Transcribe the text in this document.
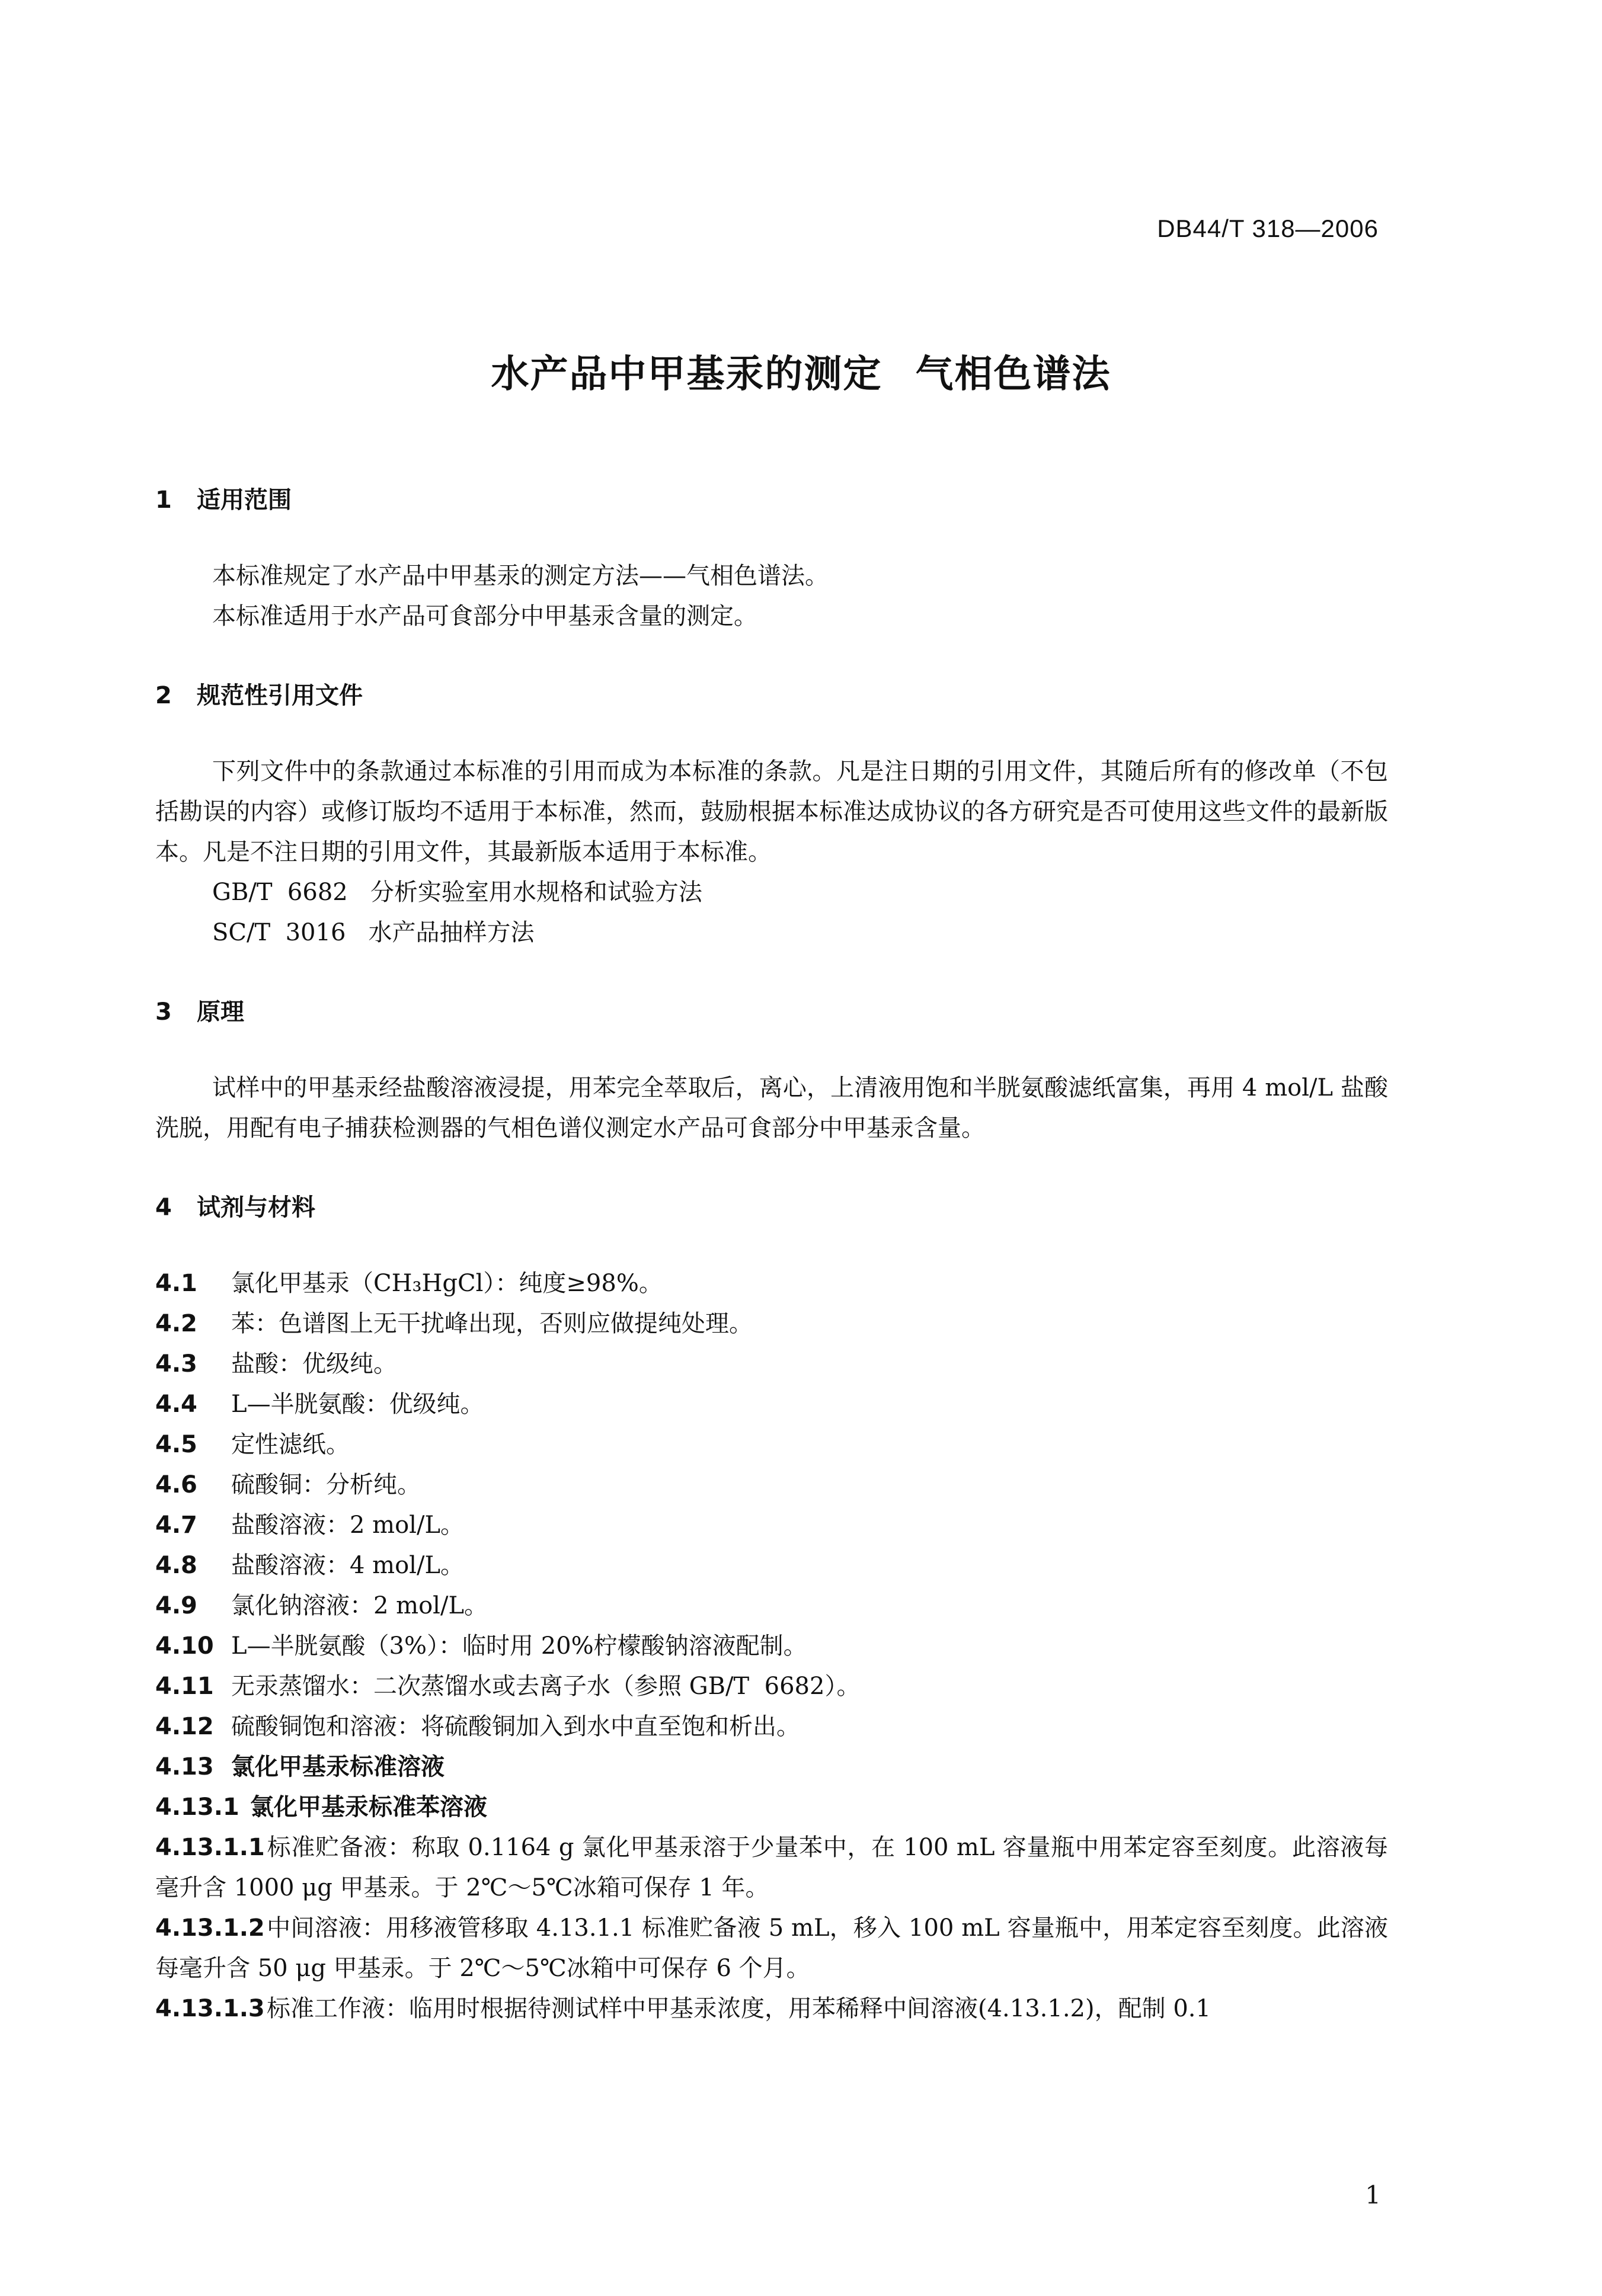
DB44/T 318—2006
水产品中甲基汞的测定 气相色谱法

1 适用范围

本标准规定了水产品中甲基汞的测定方法——气相色谱法。

本标准适用于水产品可食部分中甲基汞含量的测定。

2 规范性引用文件

下列文件中的条款通过本标准的引用而成为本标准的条款。凡是注日期的引用文件，其随后所有的修改单（不包括勘误的内容）或修订版均不适用于本标准，然而，鼓励根据本标准达成协议的各方研究是否可使用这些文件的最新版本。凡是不注日期的引用文件，其最新版本适用于本标准。

GB/T  6682   分析实验室用水规格和试验方法

SC/T  3016   水产品抽样方法

3 原理

试样中的甲基汞经盐酸溶液浸提，用苯完全萃取后，离心，上清液用饱和半胱氨酸滤纸富集，再用 4 mol/L 盐酸洗脱，用配有电子捕获检测器的气相色谱仪测定水产品可食部分中甲基汞含量。

4 试剂与材料

4.1 氯化甲基汞（CH₃HgCl）：纯度≥98%。

4.2 苯：色谱图上无干扰峰出现，否则应做提纯处理。

4.3 盐酸：优级纯。

4.4 L—半胱氨酸：优级纯。

4.5 定性滤纸。

4.6 硫酸铜：分析纯。

4.7 盐酸溶液：2 mol/L。

4.8 盐酸溶液：4 mol/L。

4.9 氯化钠溶液：2 mol/L。

4.10 L—半胱氨酸（3%）：临时用 20%柠檬酸钠溶液配制。

4.11 无汞蒸馏水：二次蒸馏水或去离子水（参照 GB/T  6682）。

4.12 硫酸铜饱和溶液：将硫酸铜加入到水中直至饱和析出。

4.13 氯化甲基汞标准溶液

4.13.1 氯化甲基汞标准苯溶液

4.13.1.1标准贮备液：称取 0.1164 g 氯化甲基汞溶于少量苯中，在 100 mL 容量瓶中用苯定容至刻度。此溶液每毫升含 1000 μg 甲基汞。于 2℃～5℃冰箱可保存 1 年。

4.13.1.2中间溶液：用移液管移取 4.13.1.1 标准贮备液 5 mL，移入 100 mL 容量瓶中，用苯定容至刻度。此溶液每毫升含 50 μg 甲基汞。于 2℃～5℃冰箱中可保存 6 个月。

4.13.1.3标准工作液：临用时根据待测试样中甲基汞浓度，用苯稀释中间溶液(4.13.1.2)，配制 0.1

1
